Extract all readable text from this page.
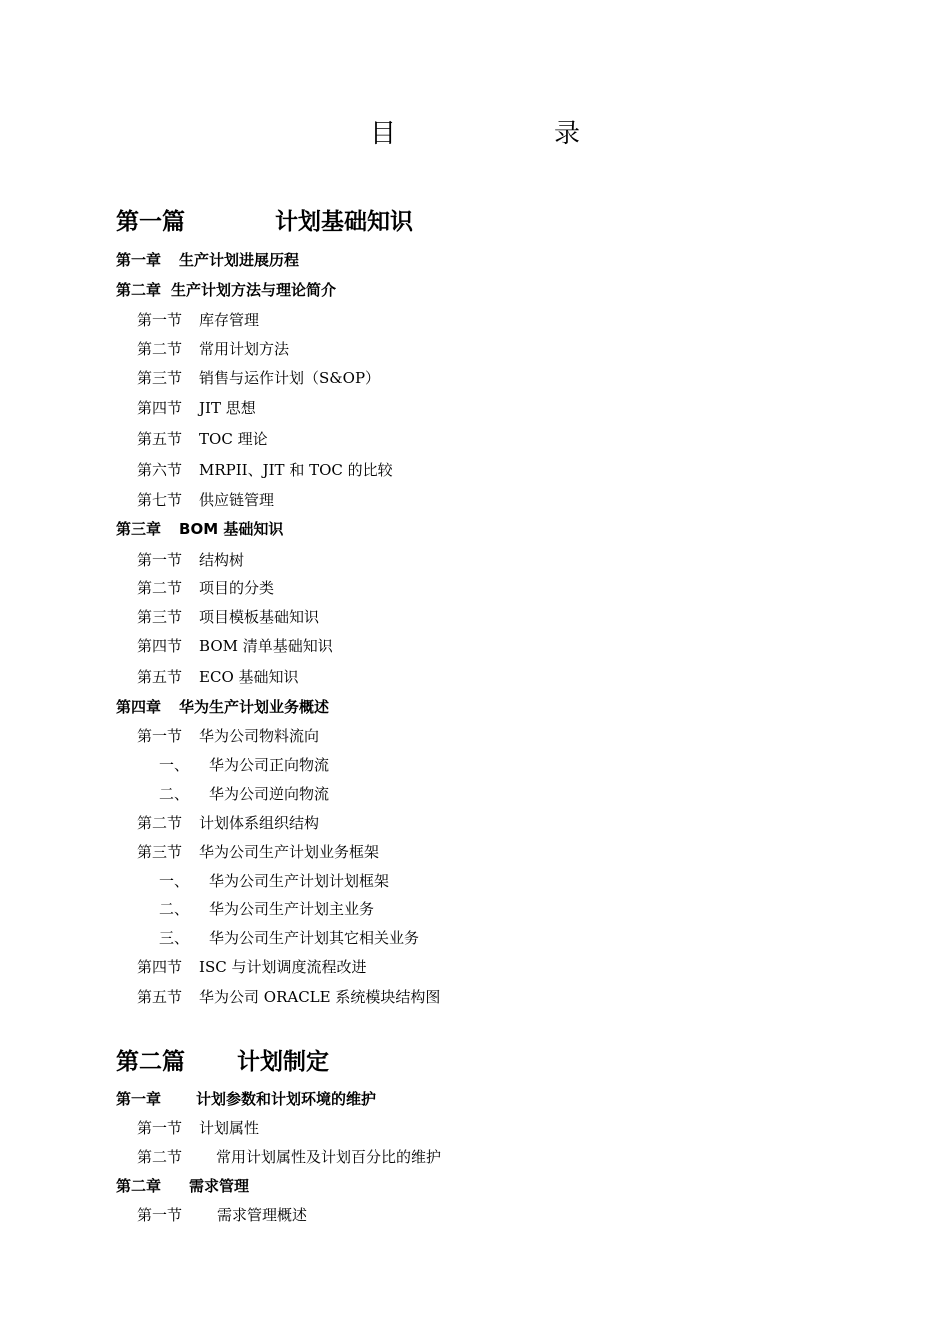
目	录
第一篇	计划基础知识
第一章 生产计划进展历程
第二章 生产计划方法与理论简介
第一节 库存管理
第二节 常用计划方法
第三节 销售与运作计划（S&OP）
第四节 JIT 思想
第五节 TOC 理论
第六节 MRPII、JIT 和 TOC 的比较
第七节 供应链管理
第三章 BOM 基础知识
第一节 结构树
第二节 项目的分类
第三节 项目模板基础知识
第四节 BOM 清单基础知识
第五节 ECO 基础知识
第四章 华为生产计划业务概述
第一节 华为公司物料流向
一、 华为公司正向物流
二、 华为公司逆向物流
第二节 计划体系组织结构
第三节 华为公司生产计划业务框架
一、 华为公司生产计划计划框架
二、 华为公司生产计划主业务
三、 华为公司生产计划其它相关业务
第四节 ISC 与计划调度流程改进
第五节 华为公司 ORACLE 系统模块结构图
第二篇 计划制定
第一章 计划参数和计划环境的维护
第一节 计划属性
第二节 常用计划属性及计划百分比的维护
第二章 需求管理
第一节 需求管理概述
